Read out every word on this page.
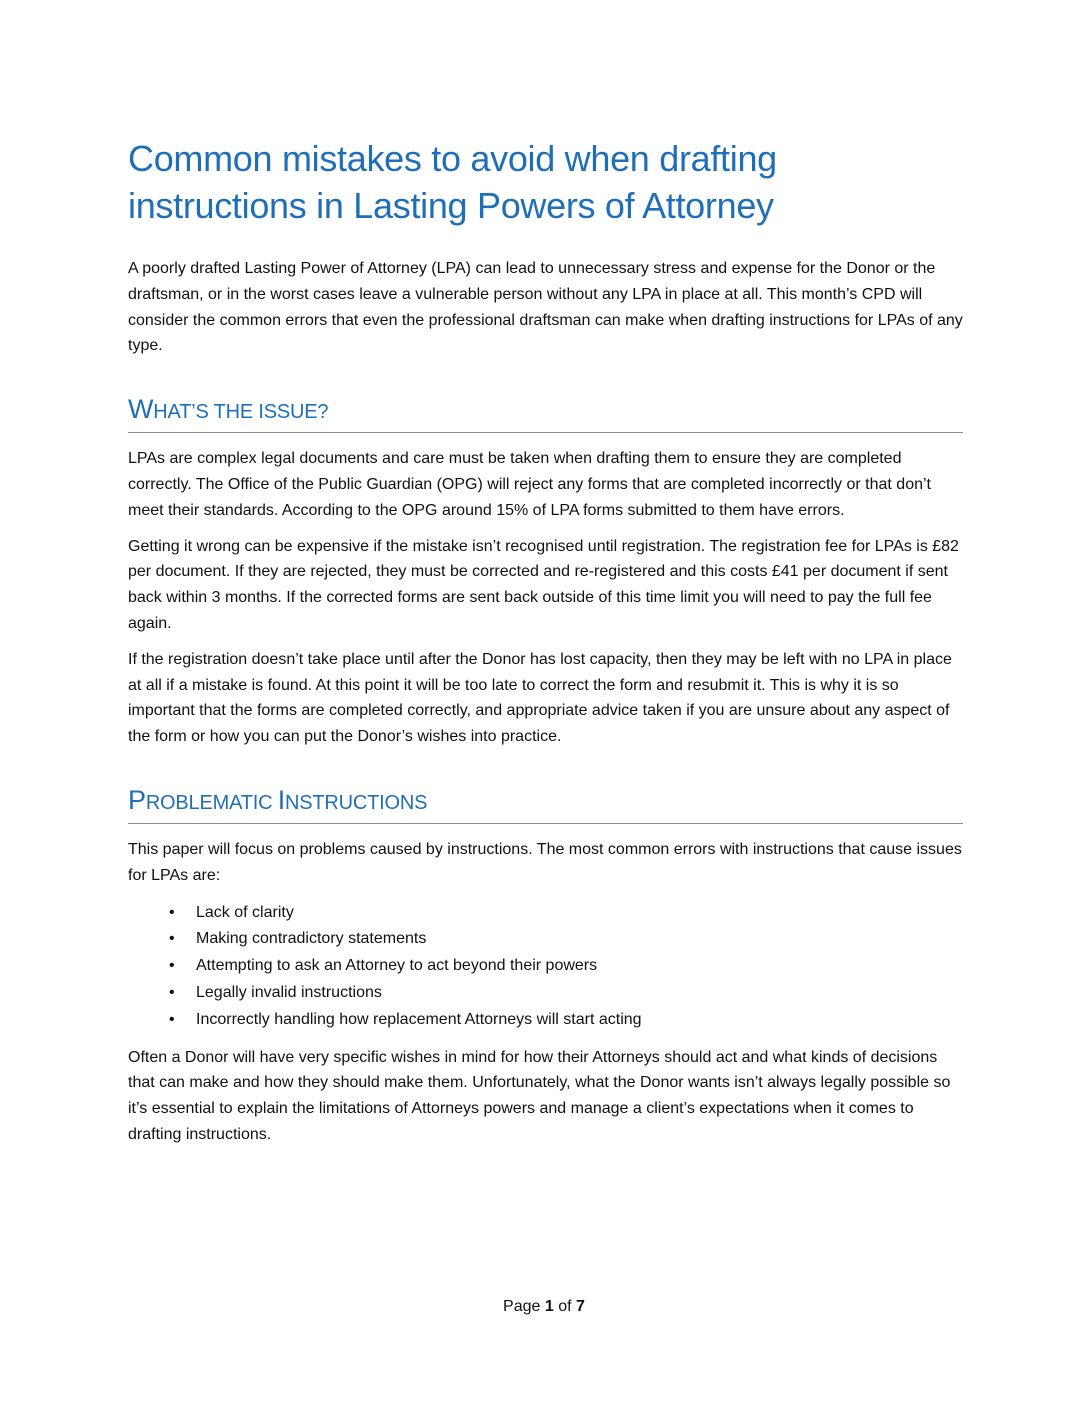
Common mistakes to avoid when drafting instructions in Lasting Powers of Attorney

A poorly drafted Lasting Power of Attorney (LPA) can lead to unnecessary stress and expense for the Donor or the draftsman, or in the worst cases leave a vulnerable person without any LPA in place at all. This month’s CPD will consider the common errors that even the professional draftsman can make when drafting instructions for LPAs of any type.

WHAT’S THE ISSUE?

LPAs are complex legal documents and care must be taken when drafting them to ensure they are completed correctly. The Office of the Public Guardian (OPG) will reject any forms that are completed incorrectly or that don’t meet their standards. According to the OPG around 15% of LPA forms submitted to them have errors.

Getting it wrong can be expensive if the mistake isn’t recognised until registration. The registration fee for LPAs is £82 per document. If they are rejected, they must be corrected and re-registered and this costs £41 per document if sent back within 3 months. If the corrected forms are sent back outside of this time limit you will need to pay the full fee again.

If the registration doesn’t take place until after the Donor has lost capacity, then they may be left with no LPA in place at all if a mistake is found. At this point it will be too late to correct the form and resubmit it. This is why it is so important that the forms are completed correctly, and appropriate advice taken if you are unsure about any aspect of the form or how you can put the Donor’s wishes into practice.

PROBLEMATIC INSTRUCTIONS

This paper will focus on problems caused by instructions. The most common errors with instructions that cause issues for LPAs are:

• Lack of clarity
• Making contradictory statements
• Attempting to ask an Attorney to act beyond their powers
• Legally invalid instructions
• Incorrectly handling how replacement Attorneys will start acting

Often a Donor will have very specific wishes in mind for how their Attorneys should act and what kinds of decisions that can make and how they should make them. Unfortunately, what the Donor wants isn’t always legally possible so it’s essential to explain the limitations of Attorneys powers and manage a client’s expectations when it comes to drafting instructions.

Page 1 of 7
